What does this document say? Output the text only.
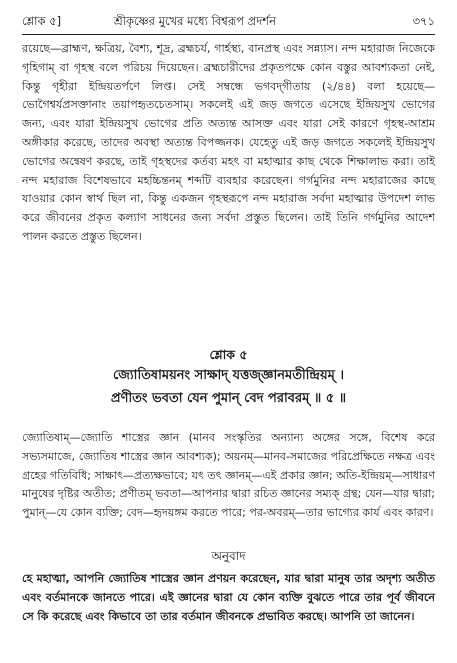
শ্লোক ৫]	শ্রীকৃষ্ণের মুখের মধ্যে বিশ্বরূপ প্রদর্শন	৩৭১
রয়েছে—ব্রাহ্মণ, ক্ষত্রিয়, বৈশ্য, শূদ্র, ব্রহ্মচর্য, গার্হস্থ্য, বানপ্রস্থ এবং সন্ন্যাস। নন্দ মহারাজ নিজেকে গৃহিগাম্ বা গৃহস্থ বলে পরিচয় দিয়েছেন। ব্রহ্মচারীদের প্রকৃতপক্ষে কোন বস্তুর আবশ্যকতা নেই, কিন্তু গৃহীরা ইন্দ্রিয়তর্পণে লিপ্ত। সেই সম্বন্ধে ভগবদ্‌গীতায় (২/৪৪) বলা হয়েছে—ভোগৈশ্বর্যপ্রসক্তানাং তয়াপহৃতচেতসাম্। সকলেই এই জড় জগতে এসেছে ইন্দ্রিয়সুখ ভোগের জন্য, এবং যারা ইন্দ্রিয়সুখ ভোগের প্রতি অত্যন্ত আসক্ত এবং যারা সেই কারণে গৃহস্থ-আশ্রম অঙ্গীকার করেছে, তাদের অবস্থা অত্যন্ত বিপজ্জনক। যেহেতু এই জড় জগতে সকলেই ইন্দ্রিয়সুখ ভোগের অন্বেষণ করছে, তাই গৃহস্থদের কর্তব্য মহৎ বা মহাত্মার কাছ থেকে শিক্ষালাভ করা। তাই নন্দ মহারাজ বিশেষভাবে মহচ্চিন্তনম্ শব্দটি ব্যবহার করেছেন। গর্গমুনির নন্দ মহারাজের কাছে যাওয়ার কোন স্বার্থ ছিল না, কিন্তু একজন গৃহস্থরূপে নন্দ মহারাজ সর্বদা মহাত্মার উপদেশ লাভ করে জীবনের প্রকৃত কল্যাণ সাধনের জন্য সর্বদা প্রস্তুত ছিলেন। তাই তিনি গর্গমুনির আদেশ পালন করতে প্রস্তুত ছিলেন।
শ্লোক ৫
জ্যোতিষাময়নং সাক্ষাদ্ যত্তজ্জ্ঞানমতীন্দ্রিয়ম্ ।
প্রণীতং ভবতা যেন পুমান্ বেদ পরাবরম্ ॥ ৫ ॥
জ্যোতিষাম্—জ্যোতি শাস্ত্রের জ্ঞান (মানব সংস্কৃতির অন্যান্য অঙ্গের সঙ্গে, বিশেষ করে সভ্যসমাজে, জ্যোতিষ শাস্ত্রের জ্ঞান আবশ্যক); অয়নম্—মানব-সমাজের পরিপ্রেক্ষিতে নক্ষত্র এবং গ্রহের গতিবিধি; সাক্ষাৎ—প্রত্যক্ষভাবে; যৎ তৎ জ্ঞানম্—এই প্রকার জ্ঞান; অতি-ইন্দ্রিয়ম্—সাধারণ মানুষের দৃষ্টির অতীত; প্রণীতম্ ভবতা—আপনার দ্বারা রচিত জ্ঞানের সম্যক্ গ্রন্থ; যেন—যার দ্বারা; পুমান্—যে কোন ব্যক্তি; বেদ—হৃদয়ঙ্গম করতে পারে; পর-অবরম্—তার ভাগ্যের কার্য এবং কারণ।
অনুবাদ
হে মহাত্মা, আপনি জ্যোতিষ শাস্ত্রের জ্ঞান প্রণয়ন করেছেন, যার দ্বারা মানুষ তার অদৃশ্য অতীত এবং বর্তমানকে জানতে পারে। এই জ্ঞানের দ্বারা যে কোন ব্যক্তি বুঝতে পারে তার পূর্ব জীবনে সে কি করেছে এবং কিভাবে তা তার বর্তমান জীবনকে প্রভাবিত করছে। আপনি তা জানেন।
